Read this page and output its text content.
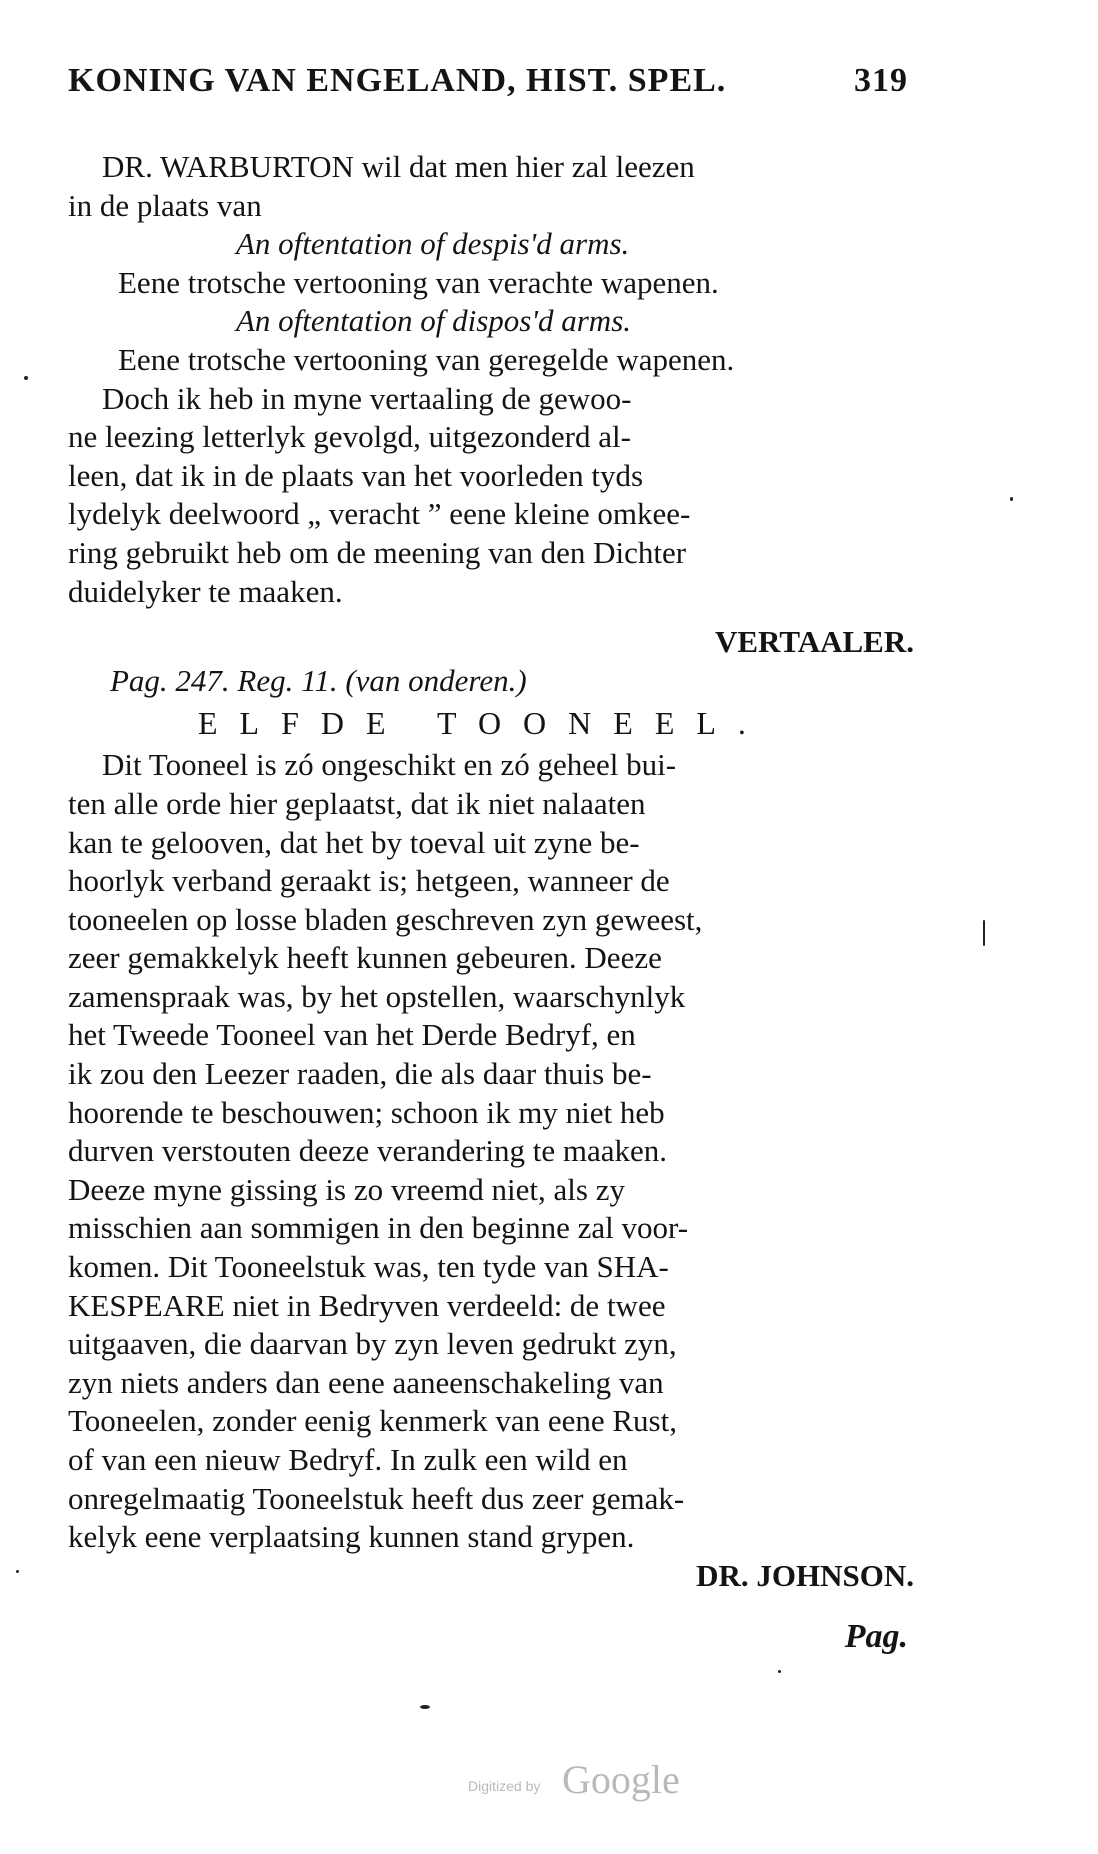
KONING VAN ENGELAND, HIST. SPEL.	319
DR. WARBURTON wil dat men hier zal leezen
in de plaats van
An oftentation of despis'd arms.
Eene trotsche vertooning van verachte wapenen.
An oftentation of dispos'd arms.
Eene trotsche vertooning van geregelde wapenen.
Doch ik heb in myne vertaaling de gewoo-
ne leezing letterlyk gevolgd, uitgezonderd al-
leen, dat ik in de plaats van het voorleden tyds
lydelyk deelwoord „ veracht ” eene kleine omkee-
ring gebruikt heb om de meening van den Dichter
duidelyker te maaken.
VERTAALER.
Pag. 247. Reg. 11. (van onderen.)
ELFDE TOONEEL.
Dit Tooneel is zó ongeschikt en zó geheel bui-
ten alle orde hier geplaatst, dat ik niet nalaaten
kan te gelooven, dat het by toeval uit zyne be-
hoorlyk verband geraakt is; hetgeen, wanneer de
tooneelen op losse bladen geschreven zyn geweest,
zeer gemakkelyk heeft kunnen gebeuren. Deeze
zamenspraak was, by het opstellen, waarschynlyk
het Tweede Tooneel van het Derde Bedryf, en
ik zou den Leezer raaden, die als daar thuis be-
hoorende te beschouwen; schoon ik my niet heb
durven verstouten deeze verandering te maaken.
Deeze myne gissing is zo vreemd niet, als zy
misschien aan sommigen in den beginne zal voor-
komen. Dit Tooneelstuk was, ten tyde van SHA-
KESPEARE niet in Bedryven verdeeld: de twee
uitgaaven, die daarvan by zyn leven gedrukt zyn,
zyn niets anders dan eene aaneenschakeling van
Tooneelen, zonder eenig kenmerk van eene Rust,
of van een nieuw Bedryf. In zulk een wild en
onregelmaatig Tooneelstuk heeft dus zeer gemak-
kelyk eene verplaatsing kunnen stand grypen.
DR. JOHNSON.
Pag.
Digitized by Google
